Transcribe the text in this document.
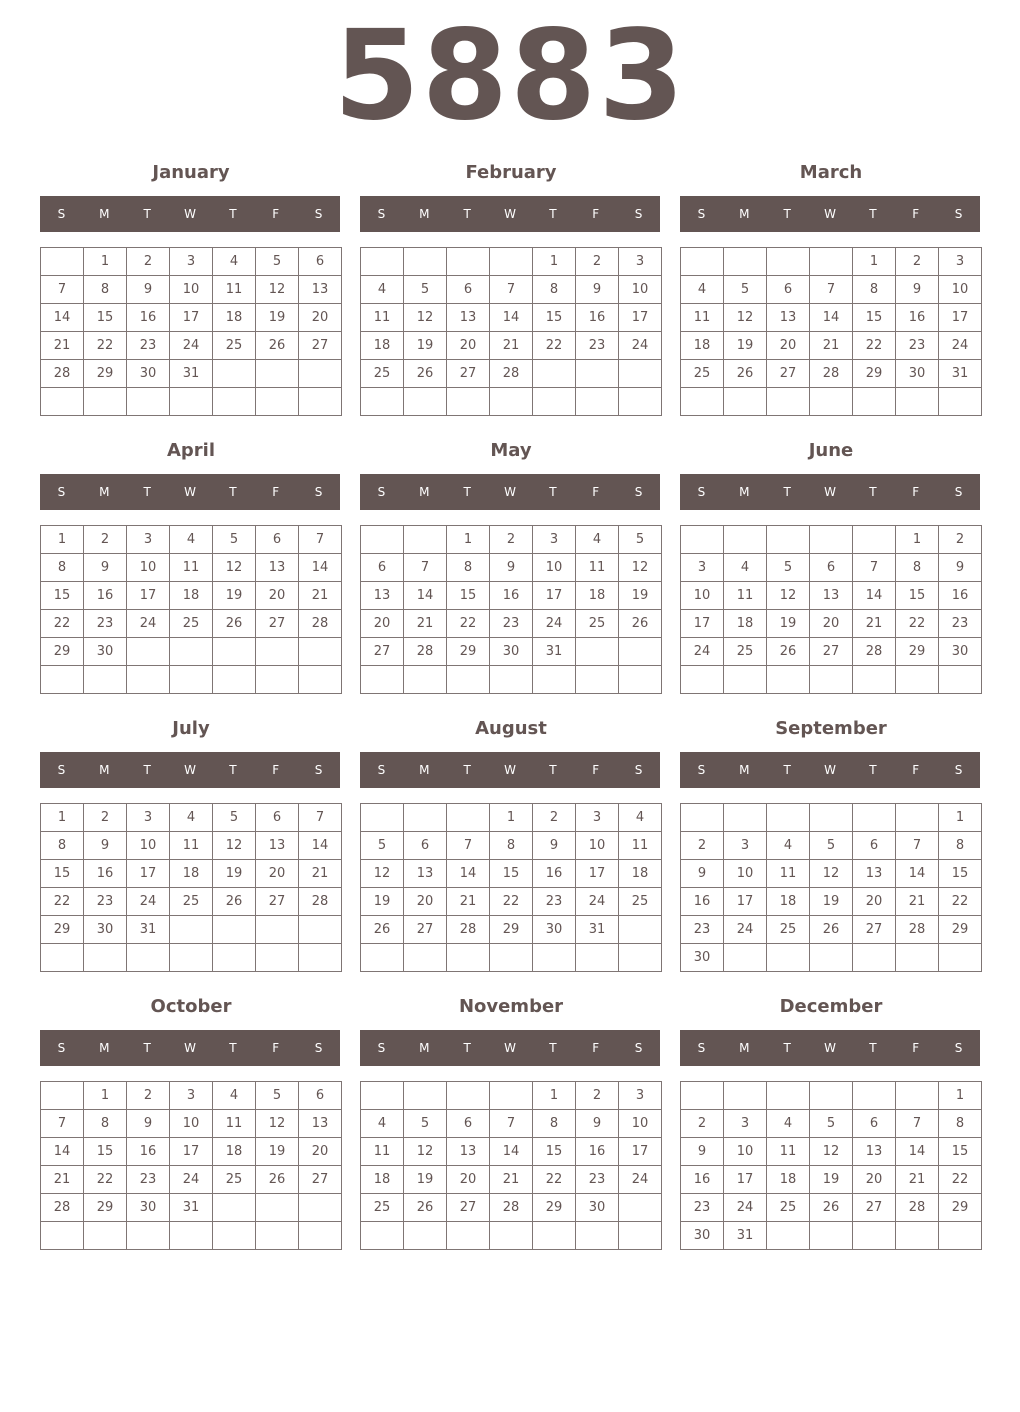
5883
January
S	M	T	W	T	F	S
	1	2	3	4	5	6
7	8	9	10	11	12	13
14	15	16	17	18	19	20
21	22	23	24	25	26	27
28	29	30	31			

February
S	M	T	W	T	F	S
				1	2	3
4	5	6	7	8	9	10
11	12	13	14	15	16	17
18	19	20	21	22	23	24
25	26	27	28			

March
S	M	T	W	T	F	S
				1	2	3
4	5	6	7	8	9	10
11	12	13	14	15	16	17
18	19	20	21	22	23	24
25	26	27	28	29	30	31

April
S	M	T	W	T	F	S
1	2	3	4	5	6	7
8	9	10	11	12	13	14
15	16	17	18	19	20	21
22	23	24	25	26	27	28
29	30					

May
S	M	T	W	T	F	S
		1	2	3	4	5
6	7	8	9	10	11	12
13	14	15	16	17	18	19
20	21	22	23	24	25	26
27	28	29	30	31		

June
S	M	T	W	T	F	S
					1	2
3	4	5	6	7	8	9
10	11	12	13	14	15	16
17	18	19	20	21	22	23
24	25	26	27	28	29	30

July
S	M	T	W	T	F	S
1	2	3	4	5	6	7
8	9	10	11	12	13	14
15	16	17	18	19	20	21
22	23	24	25	26	27	28
29	30	31				

August
S	M	T	W	T	F	S
			1	2	3	4
5	6	7	8	9	10	11
12	13	14	15	16	17	18
19	20	21	22	23	24	25
26	27	28	29	30	31	

September
S	M	T	W	T	F	S
						1
2	3	4	5	6	7	8
9	10	11	12	13	14	15
16	17	18	19	20	21	22
23	24	25	26	27	28	29
30						
October
S	M	T	W	T	F	S
	1	2	3	4	5	6
7	8	9	10	11	12	13
14	15	16	17	18	19	20
21	22	23	24	25	26	27
28	29	30	31			

November
S	M	T	W	T	F	S
				1	2	3
4	5	6	7	8	9	10
11	12	13	14	15	16	17
18	19	20	21	22	23	24
25	26	27	28	29	30	

December
S	M	T	W	T	F	S
						1
2	3	4	5	6	7	8
9	10	11	12	13	14	15
16	17	18	19	20	21	22
23	24	25	26	27	28	29
30	31					
